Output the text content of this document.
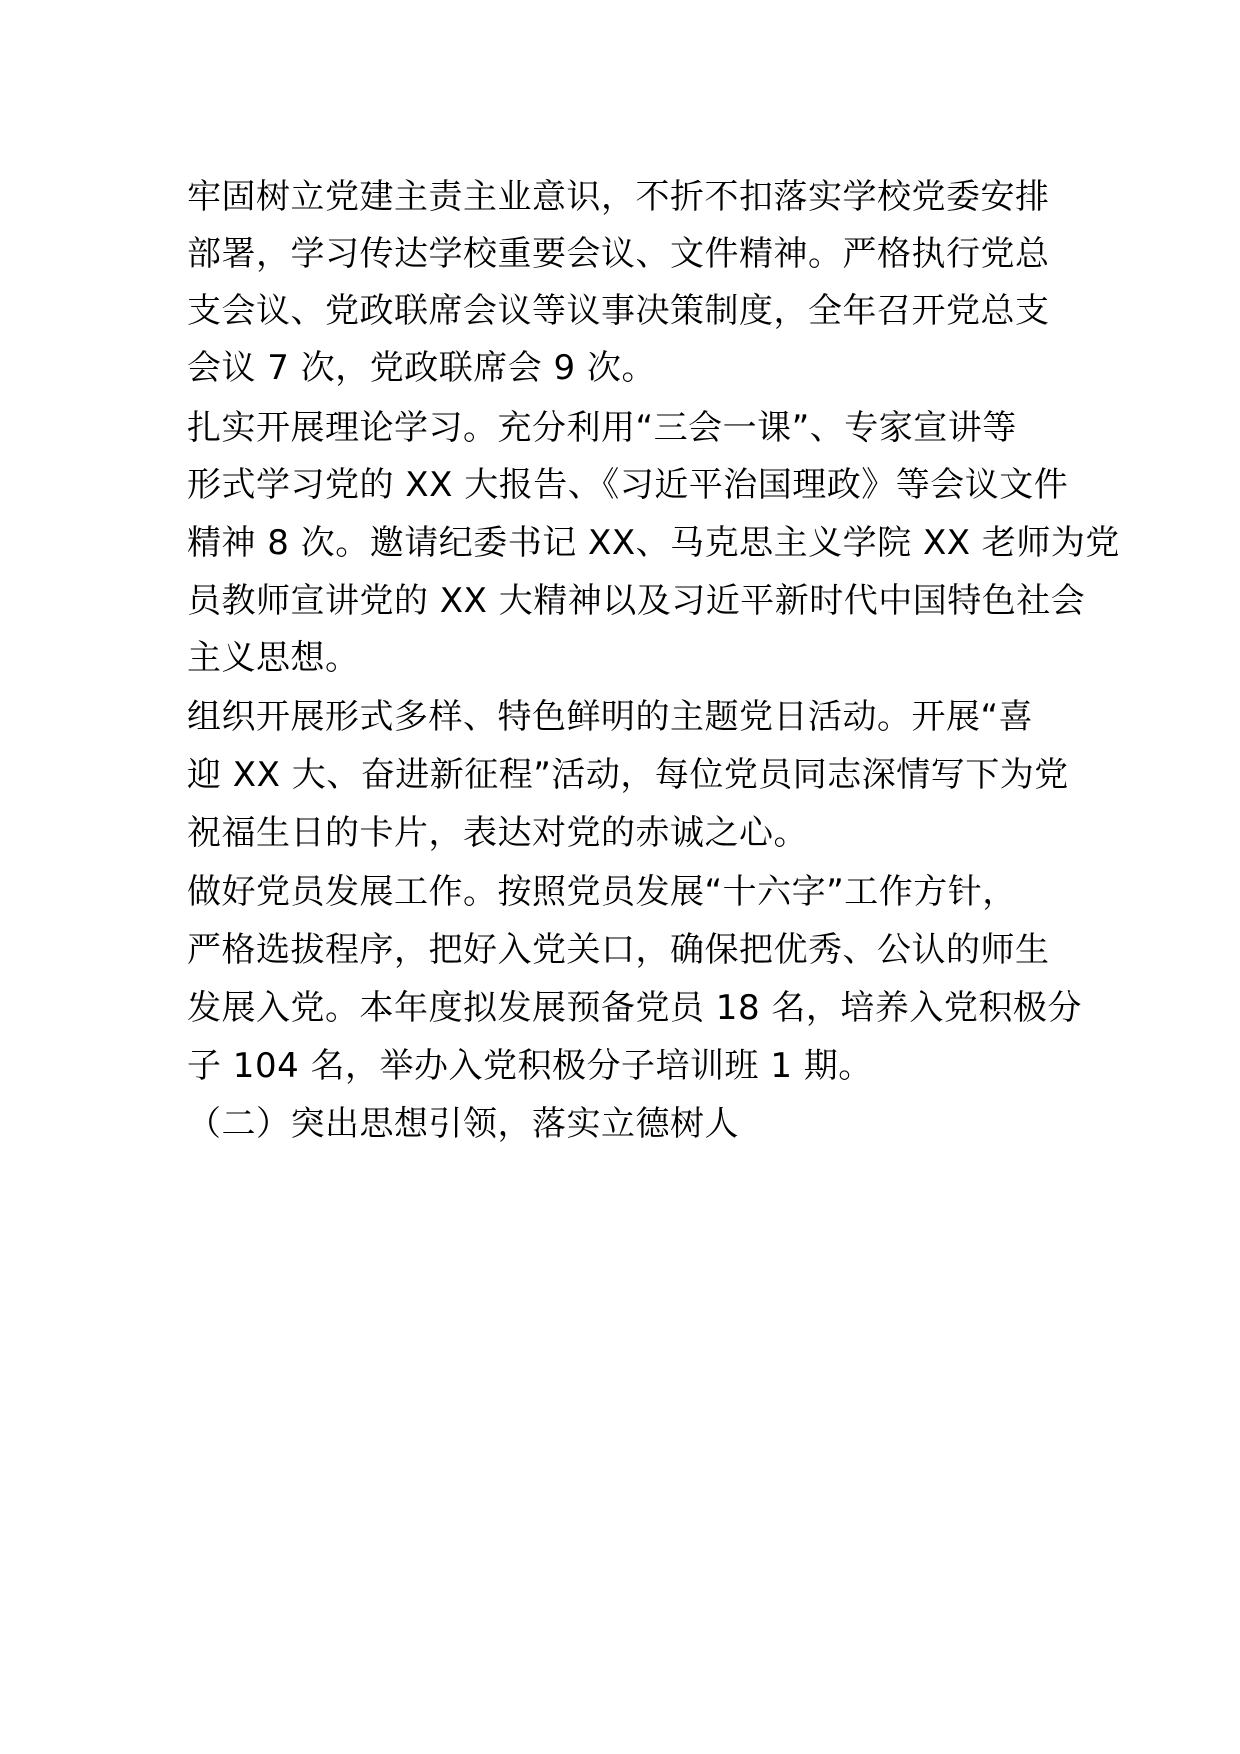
牢固树立党建主责主业意识，不折不扣落实学校党委安排
部署，学习传达学校重要会议、文件精神。严格执行党总
支会议、党政联席会议等议事决策制度，全年召开党总支
会议 7 次，党政联席会 9 次。
扎实开展理论学习。充分利用“三会一课”、专家宣讲等
形式学习党的 XX 大报告、《习近平治国理政》等会议文件
精神 8 次。邀请纪委书记 XX、马克思主义学院 XX 老师为党
员教师宣讲党的 XX 大精神以及习近平新时代中国特色社会
主义思想。
组织开展形式多样、特色鲜明的主题党日活动。开展“喜
迎 XX 大、奋进新征程”活动，每位党员同志深情写下为党
祝福生日的卡片，表达对党的赤诚之心。
做好党员发展工作。按照党员发展“十六字”工作方针，
严格选拔程序，把好入党关口，确保把优秀、公认的师生
发展入党。本年度拟发展预备党员 18 名，培养入党积极分
子 104 名，举办入党积极分子培训班 1 期。
（二）突出思想引领，落实立德树人
